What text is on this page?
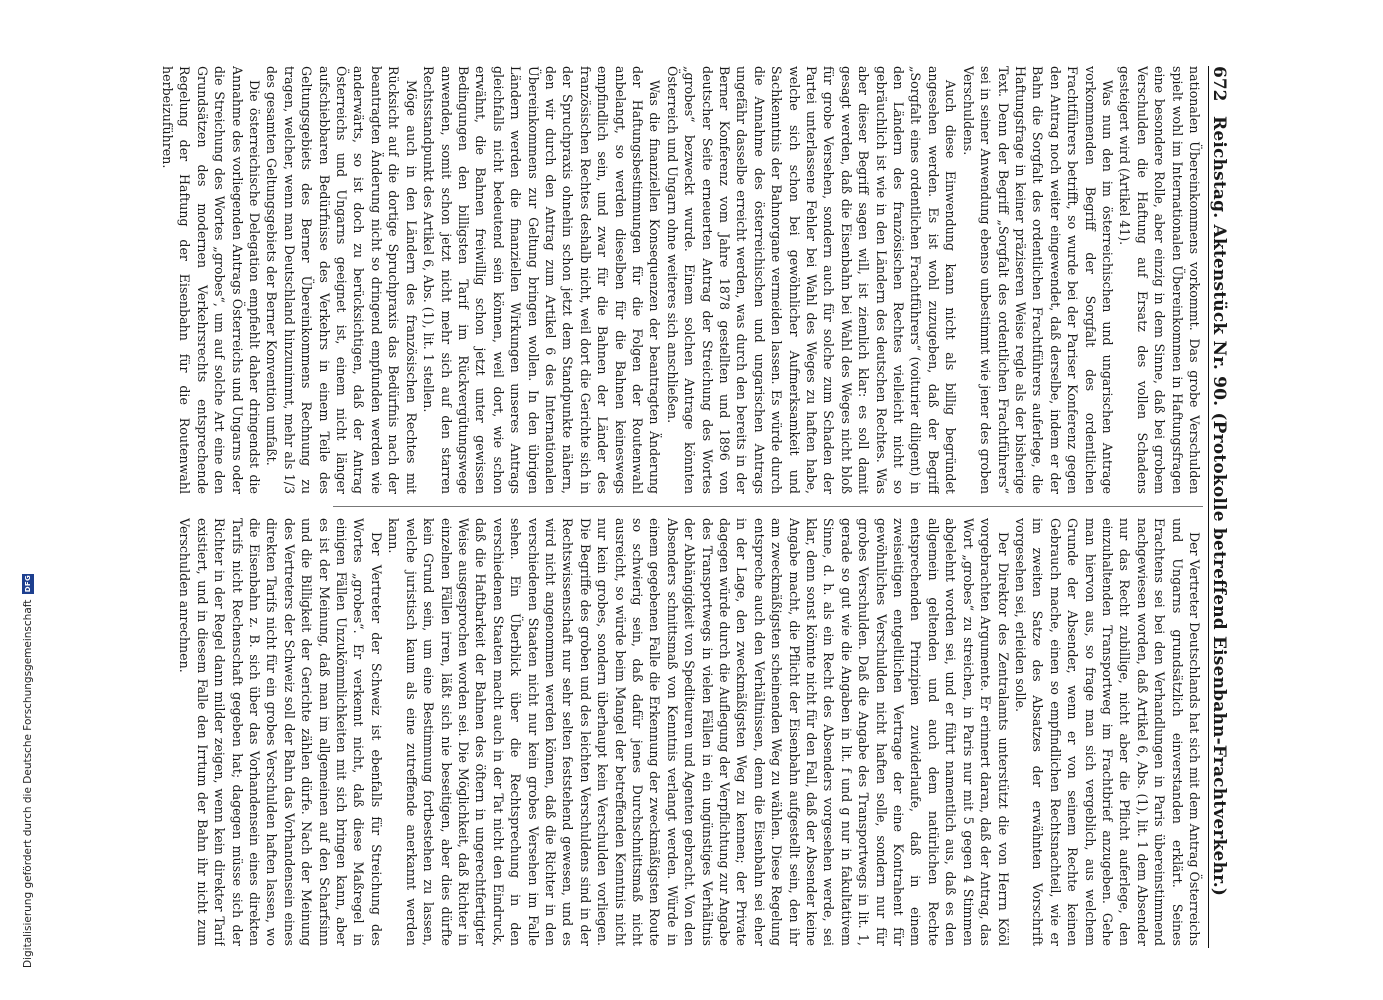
672
Reichstag. Aktenstück Nr. 90. (Protokolle betreffend Eisenbahn-Frachtverkehr.)

nationalen Übereinkommens vorkommt. Das grobe Verschulden spielt wohl im Internationalen Übereinkommen in Haftungsfragen eine besondere Rolle, aber einzig in dem Sinne, daß bei grobem Verschulden die Haftung auf Ersatz des vollen Schadens gesteigert wird (Artikel 41).

Was nun den im österreichischen und ungarischen Antrage vorkommenden Begriff der Sorgfalt des ordentlichen Frachtführers betrifft, so wurde bei der Pariser Konferenz gegen den Antrag noch weiter eingewendet, daß derselbe, indem er der Bahn die Sorgfalt des ordentlichen Frachtführers auferlege, die Haftungsfrage in keiner präziseren Weise regle als der bisherige Text. Denn der Begriff „Sorgfalt des ordentlichen Frachtführers“ sei in seiner Anwendung ebenso unbestimmt wie jener des groben Verschuldens.

Auch diese Einwendung kann nicht als billig begründet angesehen werden. Es ist wohl zuzugeben, daß der Begriff „Sorgfalt eines ordentlichen Frachtführers“ (voiturier diligent) in den Ländern des französischen Rechtes vielleicht nicht so gebräuchlich ist wie in den Ländern des deutschen Rechtes. Was aber dieser Begriff sagen will, ist ziemlich klar: es soll damit gesagt werden, daß die Eisenbahn bei Wahl des Weges nicht bloß für grobe Versehen, sondern auch für solche zum Schaden der Partei unterlassene Fehler bei Wahl des Weges zu haften habe, welche sich schon bei gewöhnlicher Aufmerksamkeit und Sachkenntnis der Bahnorgane vermeiden lassen. Es würde durch die Annahme des österreichischen und ungarischen Antrags ungefähr dasselbe erreicht werden, was durch den bereits in der Berner Konferenz vom Jahre 1878 gestellten und 1896 von deutscher Seite erneuerten Antrag der Streichung des Wortes „grobes“ bezweckt wurde. Einem solchen Antrage könnten Österreich und Ungarn ohne weiteres sich anschließen.

Was die finanziellen Konsequenzen der beantragten Änderung der Haftungsbestimmungen für die Folgen der Routenwahl anbelangt, so werden dieselben für die Bahnen keineswegs empfindlich sein, und zwar für die Bahnen der Länder des französischen Rechtes deshalb nicht, weil dort die Gerichte sich in der Spruchpraxis ohnehin schon jetzt dem Standpunkte nähern, den wir durch den Antrag zum Artikel 6 des Internationalen Übereinkommens zur Geltung bringen wollen. In den übrigen Ländern werden die finanziellen Wirkungen unseres Antrags gleichfalls nicht bedeutend sein können, weil dort, wie schon erwähnt, die Bahnen freiwillig schon jetzt unter gewissen Bedingungen den billigsten Tarif im Rückvergütungswege anwenden, somit schon jetzt nicht mehr sich auf den starren Rechtsstandpunkt des Artikel 6, Abs. (1), lit. 1 stellen.

Möge auch in den Ländern des französischen Rechtes mit Rücksicht auf die dortige Spruchpraxis das Bedürfnis nach der beantragten Änderung nicht so dringend empfunden werden wie anderwärts, so ist doch zu berücksichtigen, daß der Antrag Österreichs und Ungarns geeignet ist, einem nicht länger aufschiebbaren Bedürfnisse des Verkehrs in einem Teile des Geltungsgebiets des Berner Übereinkommens Rechnung zu tragen, welcher, wenn man Deutschland hinzunimmt, mehr als 1/3 des gesamten Geltungsgebiets der Berner Konvention umfaßt.

Die österreichische Delegation empfiehlt daher dringendst die Annahme des vorliegenden Antrags Österreichs und Ungarns oder die Streichung des Wortes „grobes“, um auf solche Art eine den Grundsätzen des modernen Verkehrsrechts entsprechende Regelung der Haftung der Eisenbahn für die Routenwahl herbeizuführen.

Der Vertreter Deutschlands hat sich mit dem Antrag Österreichs und Ungarns grundsätzlich einverstanden erklärt. Seines Erachtens sei bei den Verhandlungen in Paris übereinstimmend nachgewiesen worden, daß Artikel 6, Abs. (1), lit. 1 dem Absender nur das Recht zubillige, nicht aber die Pflicht auferlege, den einzuhaltenden Transportweg im Frachtbrief anzugeben. Gehe man hiervon aus, so frage man sich vergeblich, aus welchem Grunde der Absender, wenn er von seinem Rechte keinen Gebrauch mache, einen so empfindlichen Rechtsnachteil, wie er im zweiten Satze des Absatzes der erwähnten Vorschrift vorgesehen sei, erleiden solle.

Der Direktor des Zentralamts unterstützt die von Herrn Kööl vorgebrachten Argumente. Er erinnert daran, daß der Antrag, das Wort „grobes“ zu streichen, in Paris nur mit 5 gegen 4 Stimmen abgelehnt worden sei, und er führt namentlich aus, daß es den allgemein geltenden und auch dem natürlichen Rechte entsprechenden Prinzipien zuwiderlaufe, daß in einem zweiseitigen entgeltlichen Vertrage der eine Kontrahent für gewöhnliches Verschulden nicht haften solle, sondern nur für grobes Verschulden. Daß die Angabe des Transportwegs in lit. 1, gerade so gut wie die Angaben in lit. f und g nur in fakultativem Sinne, d. h. als ein Recht des Absenders vorgesehen werde, sei klar, denn sonst könnte nicht für den Fall, daß der Absender keine Angabe macht, die Pflicht der Eisenbahn aufgestellt sein, den ihr am zweckmäßigsten scheinenden Weg zu wählen. Diese Regelung entspreche auch den Verhältnissen, denn die Eisenbahn sei eher in der Lage, den zweckmäßigsten Weg zu kennen; der Private dagegen würde durch die Auflegung der Verpflichtung zur Angabe des Transportwegs in vielen Fällen in ein ungünstiges Verhältnis der Abhängigkeit von Spediteuren und Agenten gebracht. Von den Absenders schnittsmaß von Kenntnis verlangt werden. Würde in einem gegebenen Falle die Erkennung der zweckmäßigsten Route so schwierig sein, daß dafür jenes Durchschnittsmaß nicht ausreicht, so würde beim Mangel der betreffenden Kenntnis nicht nur kein grobes, sondern überhaupt kein Verschulden vorliegen. Die Begriffe des groben und des leichten Verschuldens sind in der Rechtswissenschaft nur sehr selten feststehend gewesen, und es wird nicht angenommen werden können, daß die Richter in den verschiedenen Staaten nicht nur kein grobes Versehen im Falle sehen. Ein Überblick über die Rechtsprechung in den verschiedenen Staaten macht auch in der Tat nicht den Eindruck, daß die Haftbarkeit der Bahnen des öftern in ungerechtfertigter Weise ausgesprochen worden sei. Die Möglichkeit, daß Richter in einzelnen Fällen irren, läßt sich nie beseitigen, aber dies dürfte kein Grund sein, um eine Bestimmung fortbestehen zu lassen, welche juristisch kaum als eine zutreffende anerkannt werden kann.

Der Vertreter der Schweiz ist ebenfalls für Streichung des Wortes „grobes“. Er verkennt nicht, daß diese Maßregel in einigen Fällen Unzukömmlichkeiten mit sich bringen kann, aber es ist der Meinung, daß man im allgemeinen auf den Scharfsinn und die Billigkeit der Gerichte zählen dürfe. Nach der Meinung des Vertreters der Schweiz soll der Bahn das Vorhandensein eines direkten Tarifs nicht für ein grobes Verschulden haften lassen, wo die Eisenbahn z. B. sich über das Vorhandensein eines direkten Tarifs nicht Rechenschaft gegeben hat; dagegen müsse sich der Richter in der Regel dann milder zeigen, wenn kein direkter Tarif existiert, und in diesem Falle den Irrtum der Bahn ihr nicht zum Verschulden anrechnen.

Digitalisierung gefördert durch die Deutsche Forschungsgemeinschaft
DFG
